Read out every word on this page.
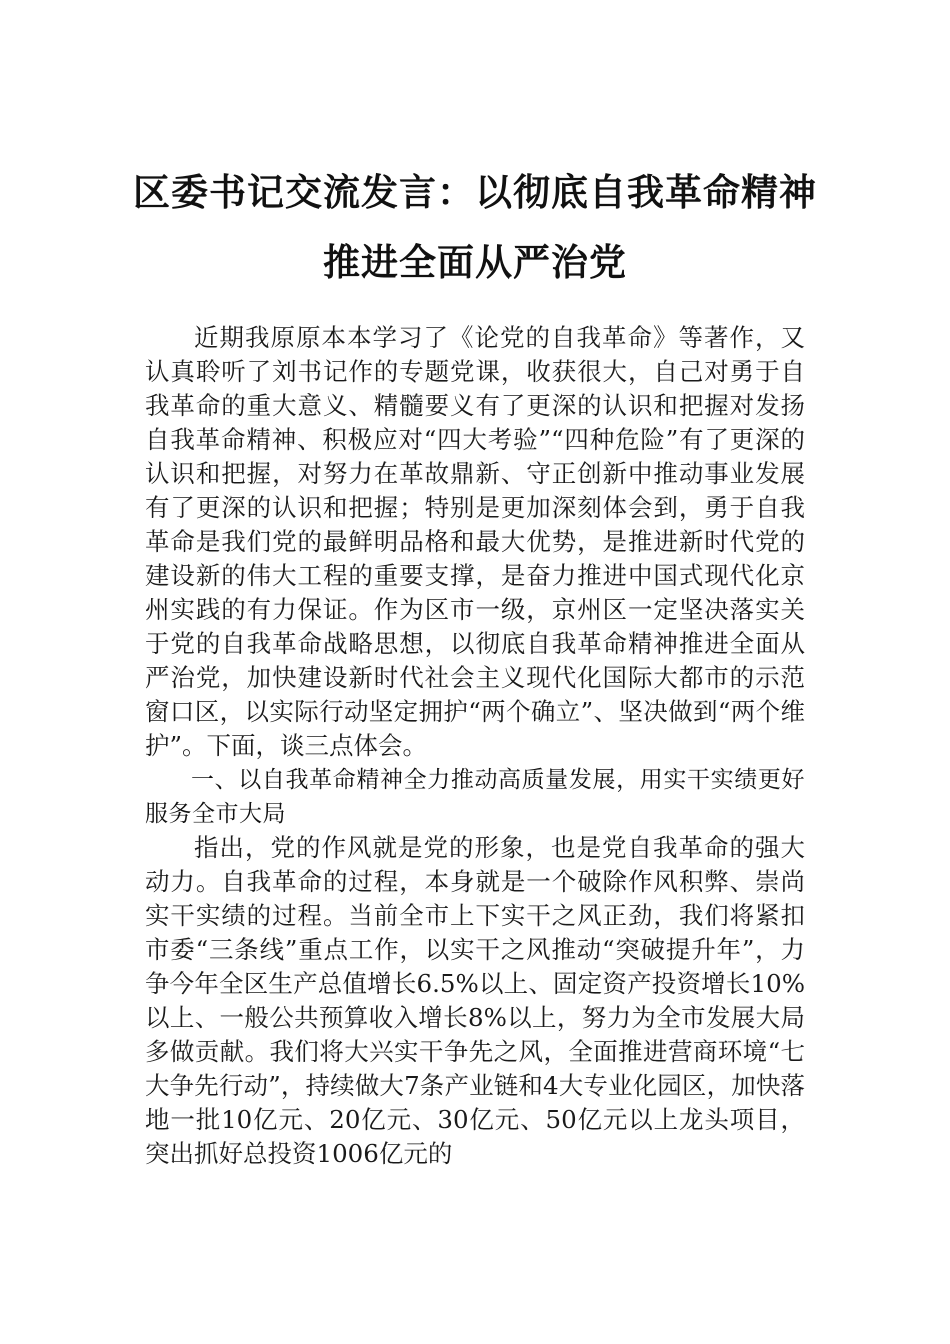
区委书记交流发言：以彻底自我革命精神
推进全面从严治党

近期我原原本本学习了《论党的自我革命》等著作，又认真聆听了刘书记作的专题党课，收获很大，自己对勇于自我革命的重大意义、精髓要义有了更深的认识和把握对发扬自我革命精神、积极应对“四大考验”“四种危险”有了更深的认识和把握，对努力在革故鼎新、守正创新中推动事业发展有了更深的认识和把握；特别是更加深刻体会到，勇于自我革命是我们党的最鲜明品格和最大优势，是推进新时代党的建设新的伟大工程的重要支撑，是奋力推进中国式现代化京州实践的有力保证。作为区市一级，京州区一定坚决落实关于党的自我革命战略思想，以彻底自我革命精神推进全面从严治党，加快建设新时代社会主义现代化国际大都市的示范窗口区，以实际行动坚定拥护“两个确立”、坚决做到“两个维护”。下面，谈三点体会。

一、以自我革命精神全力推动高质量发展，用实干实绩更好服务全市大局

指出，党的作风就是党的形象，也是党自我革命的强大动力。自我革命的过程，本身就是一个破除作风积弊、崇尚实干实绩的过程。当前全市上下实干之风正劲，我们将紧扣市委“三条线”重点工作，以实干之风推动“突破提升年”，力争今年全区生产总值增长6.5%以上、固定资产投资增长10%以上、一般公共预算收入增长8%以上，努力为全市发展大局多做贡献。我们将大兴实干争先之风，全面推进营商环境“七大争先行动”，持续做大7条产业链和4大专业化园区，加快落地一批10亿元、20亿元、30亿元、50亿元以上龙头项目，突出抓好总投资1006亿元的
